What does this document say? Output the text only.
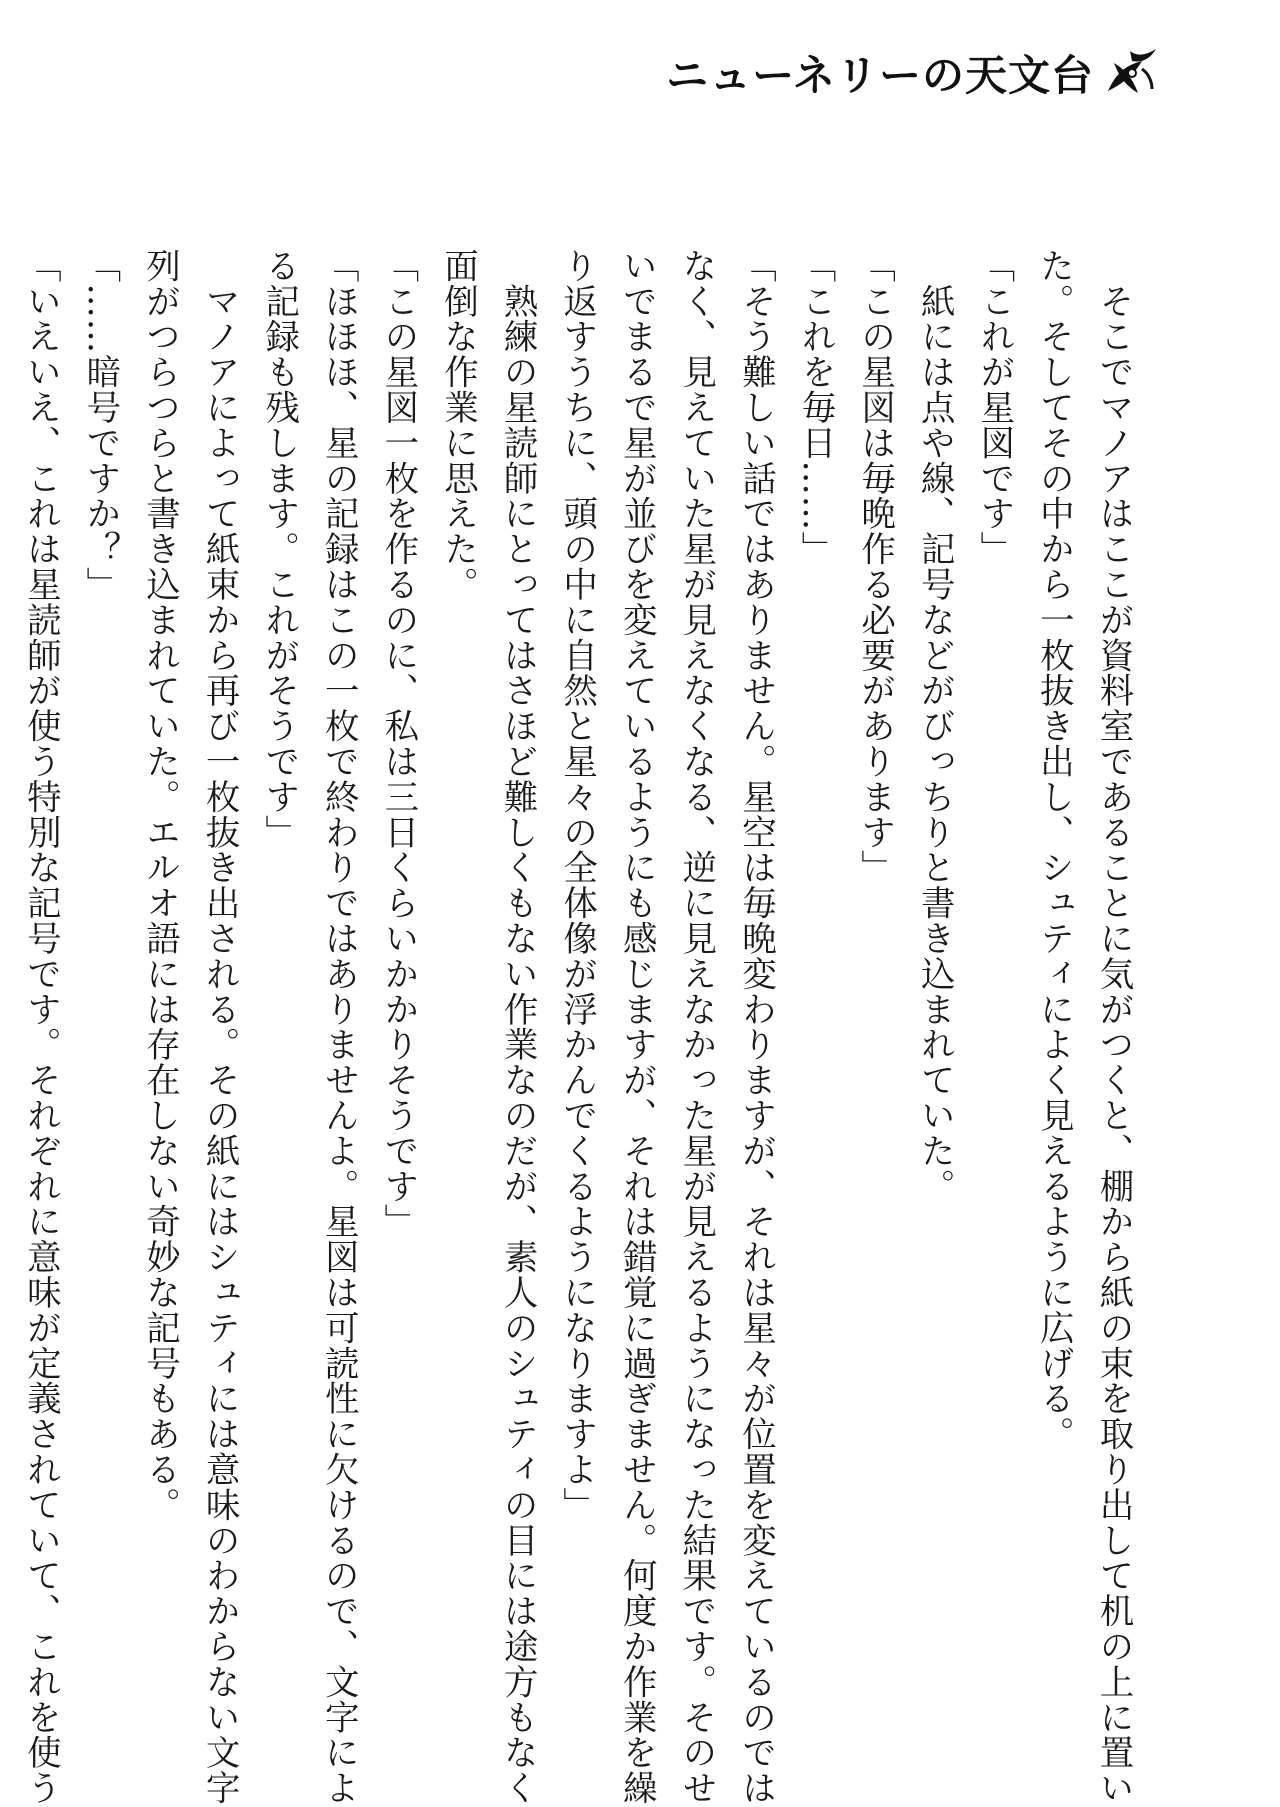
ニューネリーの天文台
　そこでマノアはここが資料室であることに気がつくと、棚から紙の束を取り出して机の上に置い
た。そしてその中から一枚抜き出し、シュティによく見えるように広げる。
「これが星図です」
　紙には点や線、記号などがびっちりと書き込まれていた。
「この星図は毎晩作る必要があります」
「これを毎日……」
「そう難しい話ではありません。星空は毎晩変わりますが、それは星々が位置を変えているのでは
なく、見えていた星が見えなくなる、逆に見えなかった星が見えるようになった結果です。そのせ
いでまるで星が並びを変えているようにも感じますが、それは錯覚に過ぎません。何度か作業を繰
り返すうちに、頭の中に自然と星々の全体像が浮かんでくるようになりますよ」
　熟練の星読師にとってはさほど難しくもない作業なのだが、素人のシュティの目には途方もなく
面倒な作業に思えた。
「この星図一枚を作るのに、私は三日くらいかかりそうです」
「ほほほ、星の記録はこの一枚で終わりではありませんよ。星図は可読性に欠けるので、文字によ
る記録も残します。これがそうです」
　マノアによって紙束から再び一枚抜き出される。その紙にはシュティには意味のわからない文字
列がつらつらと書き込まれていた。エルオ語には存在しない奇妙な記号もある。
「……暗号ですか？」
「いえいえ、これは星読師が使う特別な記号です。それぞれに意味が定義されていて、これを使う
